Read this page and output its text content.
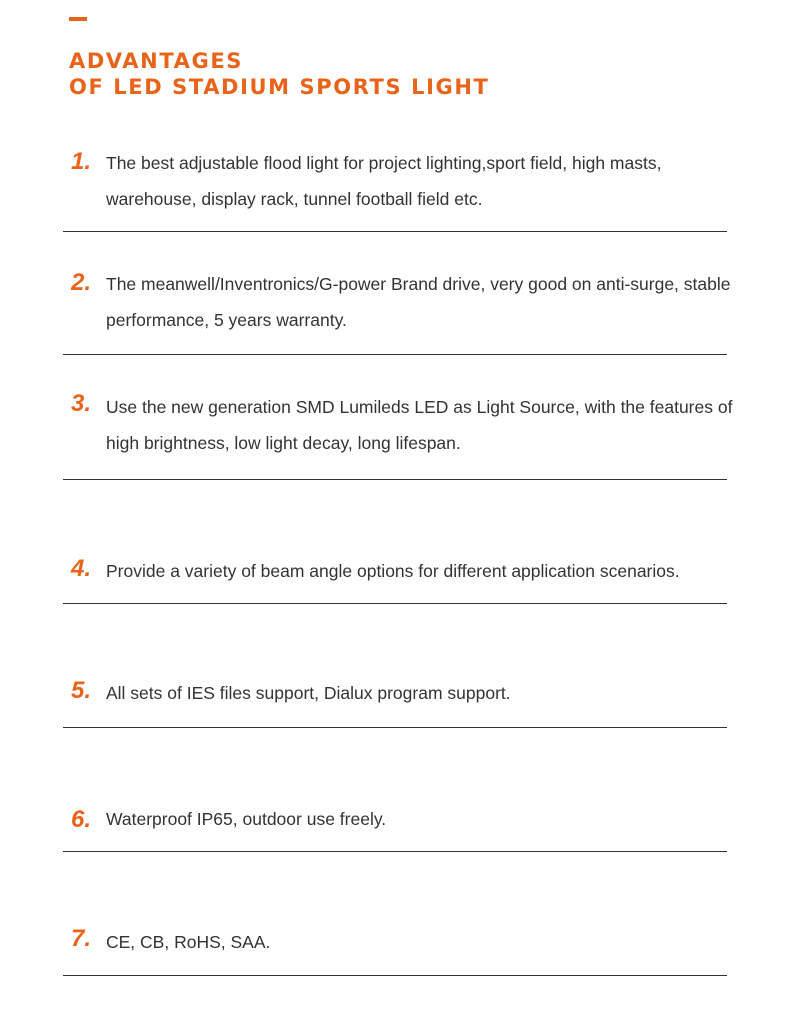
ADVANTAGES
OF LED STADIUM SPORTS LIGHT
1. The best adjustable flood light for project lighting,sport field, high masts, warehouse, display rack, tunnel football field etc.

2. The meanwell/Inventronics/G-power Brand drive, very good on anti-surge, stable performance, 5 years warranty.

3. Use the new generation SMD Lumileds LED as Light Source, with the features of high brightness, low light decay, long lifespan.

4. Provide a variety of beam angle options for different application scenarios.

5. All sets of IES files support, Dialux program support.

6. Waterproof IP65, outdoor use freely.

7. CE, CB, RoHS, SAA.
